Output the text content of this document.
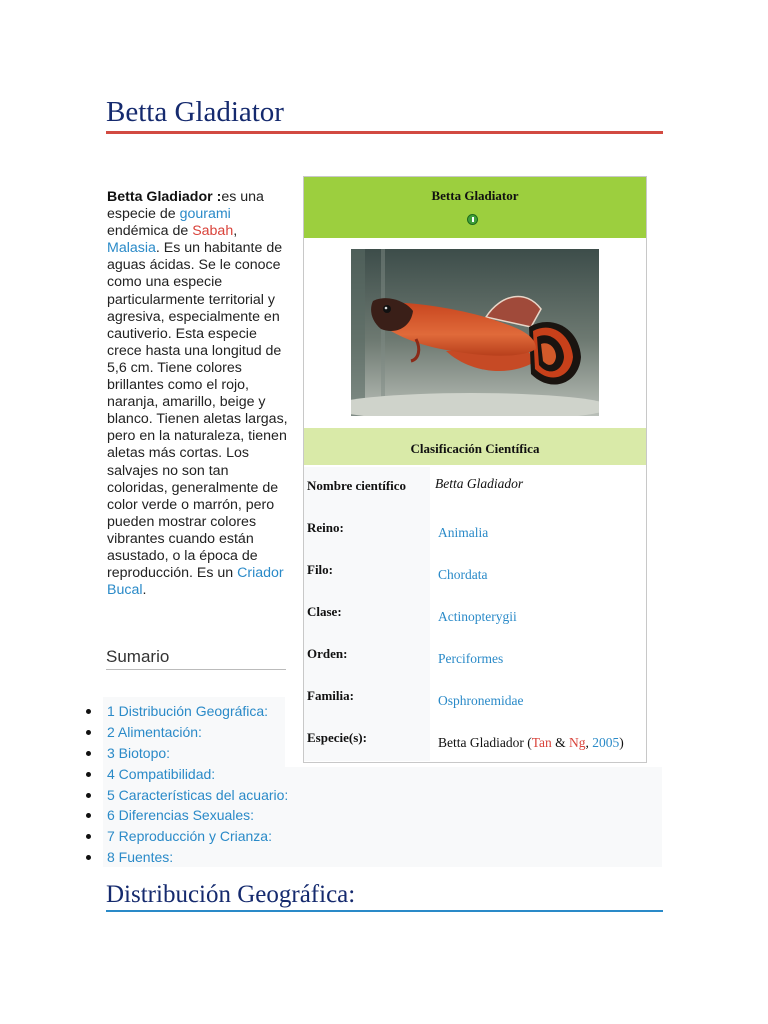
Betta Gladiator
Betta Gladiador :es una especie de gourami endémica de Sabah, Malasia. Es un habitante de aguas ácidas. Se le conoce como una especie particularmente territorial y agresiva, especialmente en cautiverio. Esta especie crece hasta una longitud de 5,6 cm. Tiene colores brillantes como el rojo, naranja, amarillo, beige y blanco. Tienen aletas largas, pero en la naturaleza, tienen aletas más cortas. Los salvajes no son tan coloridas, generalmente de color verde o marrón, pero pueden mostrar colores vibrantes cuando están asustado, o la época de reproducción. Es un Criador Bucal.
Sumario
1 Distribución Geográfica:
2 Alimentación:
3 Biotopo:
4 Compatibilidad:
5 Características del acuario:
6 Diferencias Sexuales:
7 Reproducción y Crianza:
8 Fuentes:
Distribución Geográfica:
Betta Gladiator
Clasificación Científica
Nombre científico	Betta Gladiador
Reino:	Animalia
Filo:	Chordata
Clase:	Actinopterygii
Orden:	Perciformes
Familia:	Osphronemidae
Especie(s):	Betta Gladiador (Tan & Ng, 2005)
